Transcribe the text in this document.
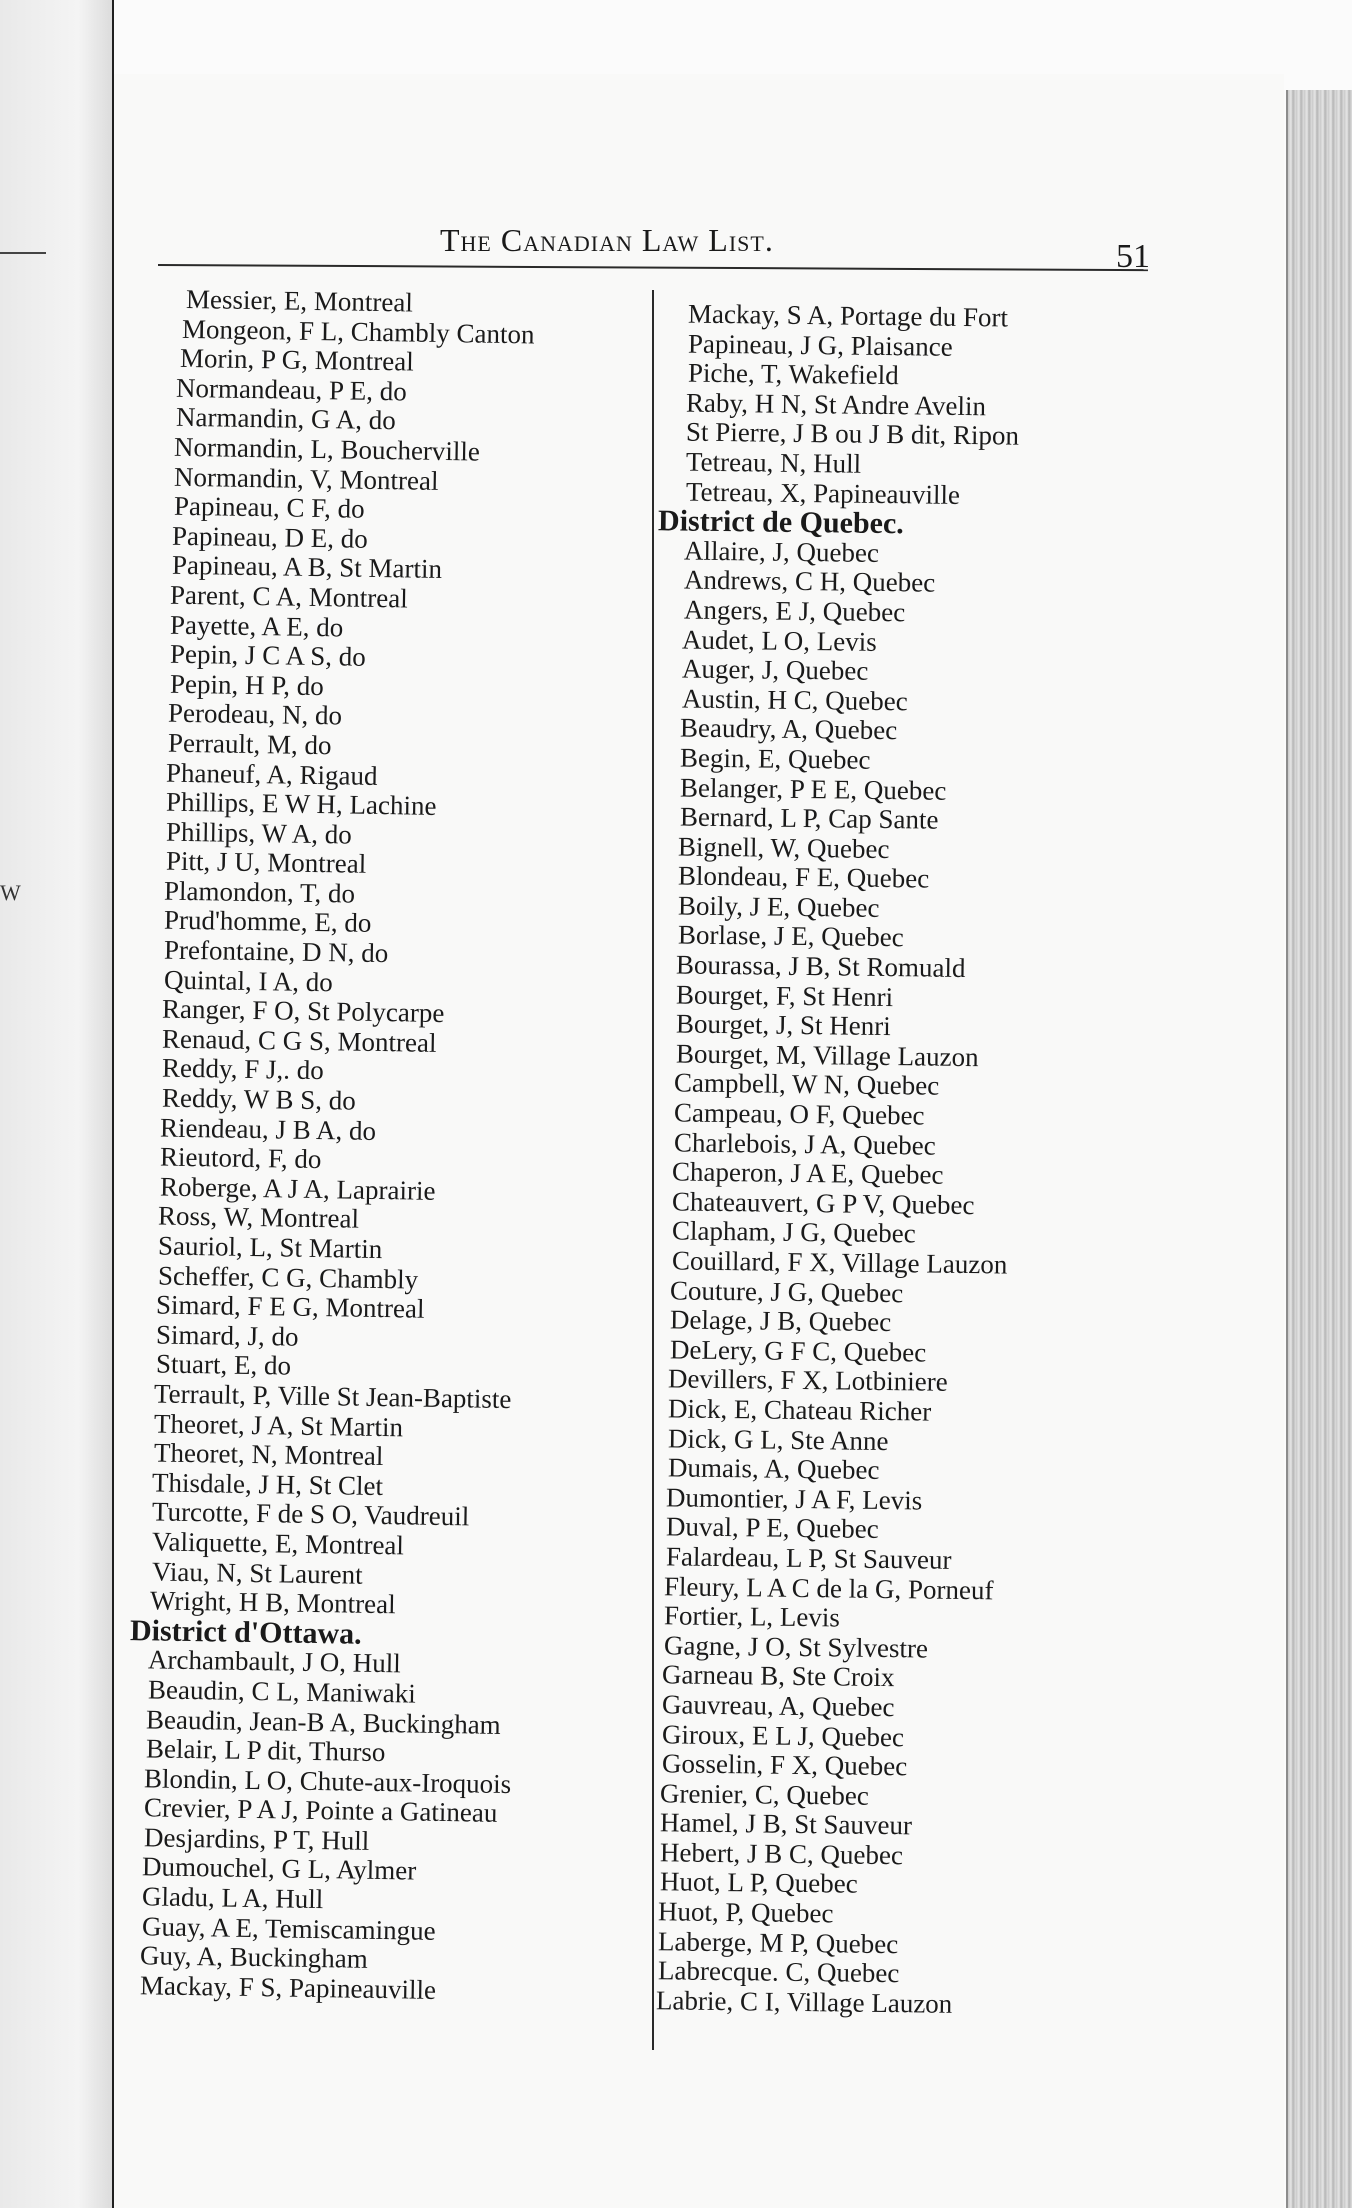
W
The Canadian Law List.	51
Messier, E, Montreal
Mongeon, F L, Chambly Canton
Morin, P G, Montreal
Normandeau, P E, do
Narmandin, G A, do
Normandin, L, Boucherville
Normandin, V, Montreal
Papineau, C F, do
Papineau, D E, do
Papineau, A B, St Martin
Parent, C A, Montreal
Payette, A E, do
Pepin, J C A S, do
Pepin, H P, do
Perodeau, N, do
Perrault, M, do
Phaneuf, A, Rigaud
Phillips, E W H, Lachine
Phillips, W A, do
Pitt, J U, Montreal
Plamondon, T, do
Prud'homme, E, do
Prefontaine, D N, do
Quintal, I A, do
Ranger, F O, St Polycarpe
Renaud, C G S, Montreal
Reddy, F J,. do
Reddy, W B S, do
Riendeau, J B A, do
Rieutord, F, do
Roberge, A J A, Laprairie
Ross, W, Montreal
Sauriol, L, St Martin
Scheffer, C G, Chambly
Simard, F E G, Montreal
Simard, J, do
Stuart, E, do
Terrault, P, Ville St Jean-Baptiste
Theoret, J A, St Martin
Theoret, N, Montreal
Thisdale, J H, St Clet
Turcotte, F de S O, Vaudreuil
Valiquette, E, Montreal
Viau, N, St Laurent
Wright, H B, Montreal
District d'Ottawa.
Archambault, J O, Hull
Beaudin, C L, Maniwaki
Beaudin, Jean-B A, Buckingham
Belair, L P dit, Thurso
Blondin, L O, Chute-aux-Iroquois
Crevier, P A J, Pointe a Gatineau
Desjardins, P T, Hull
Dumouchel, G L, Aylmer
Gladu, L A, Hull
Guay, A E, Temiscamingue
Guy, A, Buckingham
Mackay, F S, Papineauville
Mackay, S A, Portage du Fort
Papineau, J G, Plaisance
Piche, T, Wakefield
Raby, H N, St Andre Avelin
St Pierre, J B ou J B dit, Ripon
Tetreau, N, Hull
Tetreau, X, Papineauville
District de Quebec.
Allaire, J, Quebec
Andrews, C H, Quebec
Angers, E J, Quebec
Audet, L O, Levis
Auger, J, Quebec
Austin, H C, Quebec
Beaudry, A, Quebec
Begin, E, Quebec
Belanger, P E E, Quebec
Bernard, L P, Cap Sante
Bignell, W, Quebec
Blondeau, F E, Quebec
Boily, J E, Quebec
Borlase, J E, Quebec
Bourassa, J B, St Romuald
Bourget, F, St Henri
Bourget, J, St Henri
Bourget, M, Village Lauzon
Campbell, W N, Quebec
Campeau, O F, Quebec
Charlebois, J A, Quebec
Chaperon, J A E, Quebec
Chateauvert, G P V, Quebec
Clapham, J G, Quebec
Couillard, F X, Village Lauzon
Couture, J G, Quebec
Delage, J B, Quebec
DeLery, G F C, Quebec
Devillers, F X, Lotbiniere
Dick, E, Chateau Richer
Dick, G L, Ste Anne
Dumais, A, Quebec
Dumontier, J A F, Levis
Duval, P E, Quebec
Falardeau, L P, St Sauveur
Fleury, L A C de la G, Porneuf
Fortier, L, Levis
Gagne, J O, St Sylvestre
Garneau B, Ste Croix
Gauvreau, A, Quebec
Giroux, E L J, Quebec
Gosselin, F X, Quebec
Grenier, C, Quebec
Hamel, J B, St Sauveur
Hebert, J B C, Quebec
Huot, L P, Quebec
Huot, P, Quebec
Laberge, M P, Quebec
Labrecque. C, Quebec
Labrie, C I, Village Lauzon
